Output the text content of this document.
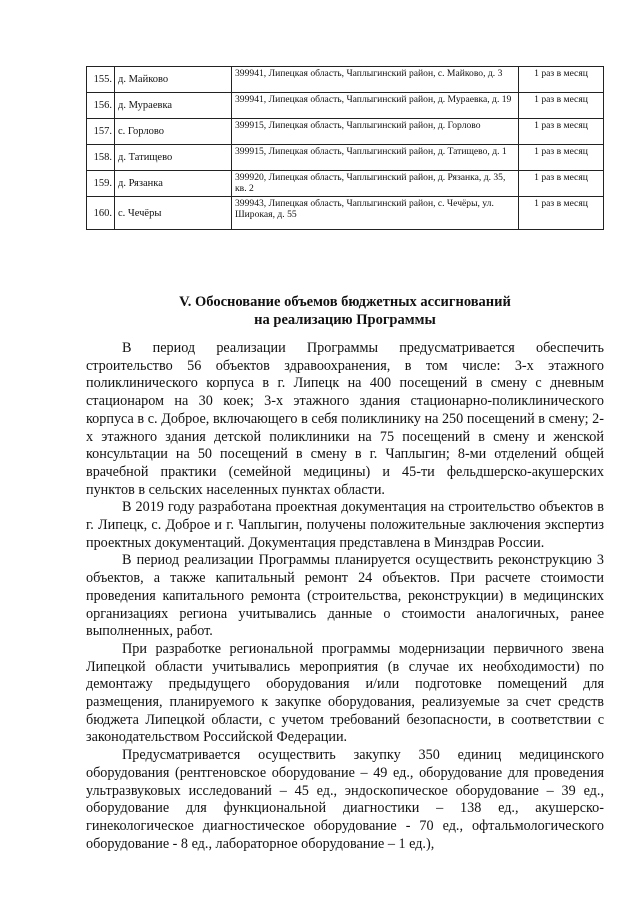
155.	д. Майково	399941, Липецкая область, Чаплыгинский район, с. Майково, д. 3	1 раз в месяц
156.	д. Мураевка	399941, Липецкая область, Чаплыгинский район, д. Мураевка, д. 19	1 раз в месяц
157.	с. Горлово	399915, Липецкая область, Чаплыгинский район, д. Горлово	1 раз в месяц
158.	д. Татищево	399915, Липецкая область, Чаплыгинский район, д. Татищево, д. 1	1 раз в месяц
159.	д. Рязанка	399920, Липецкая область, Чаплыгинский район, д. Рязанка, д. 35, кв. 2	1 раз в месяц
160.	с. Чечёры	399943, Липецкая область, Чаплыгинский район, с. Чечёры, ул. Широкая, д. 55	1 раз в месяц
V. Обоснование объемов бюджетных ассигнований
на реализацию Программы

В период реализации Программы предусматривается обеспечить строительство 56 объектов здравоохранения, в том числе: 3-х этажного поликлинического корпуса в г. Липецк на 400 посещений в смену с дневным стационаром на 30 коек; 3-х этажного здания стационарно-поликлинического корпуса в с. Доброе, включающего в себя поликлинику на 250 посещений в смену; 2-х этажного здания детской поликлиники на 75 посещений в смену и женской консультации на 50 посещений в смену в г. Чаплыгин; 8-ми отделений общей врачебной практики (семейной медицины) и 45-ти фельдшерско-акушерских пунктов в сельских населенных пунктах области.

В 2019 году разработана проектная документация на строительство объектов в г. Липецк, с. Доброе и г. Чаплыгин, получены положительные заключения экспертиз проектных документаций. Документация представлена в Минздрав России.

В период реализации Программы планируется осуществить реконструкцию 3 объектов, а также капитальный ремонт 24 объектов. При расчете стоимости проведения капитального ремонта (строительства, реконструкции) в медицинских организациях региона учитывались данные о стоимости аналогичных, ранее выполненных, работ.

При разработке региональной программы модернизации первичного звена Липецкой области учитывались мероприятия (в случае их необходимости) по демонтажу предыдущего оборудования и/или подготовке помещений для размещения, планируемого к закупке оборудования, реализуемые за счет средств бюджета Липецкой области, с учетом требований безопасности, в соответствии с законодательством Российской Федерации.

Предусматривается осуществить закупку 350 единиц медицинского оборудования (рентгеновское оборудование – 49 ед., оборудование для проведения ультразвуковых исследований – 45 ед., эндоскопическое оборудование – 39 ед., оборудование для функциональной диагностики – 138 ед., акушерско-гинекологическое диагностическое оборудование - 70 ед., офтальмологического оборудование - 8 ед., лабораторное оборудование – 1 ед.),
